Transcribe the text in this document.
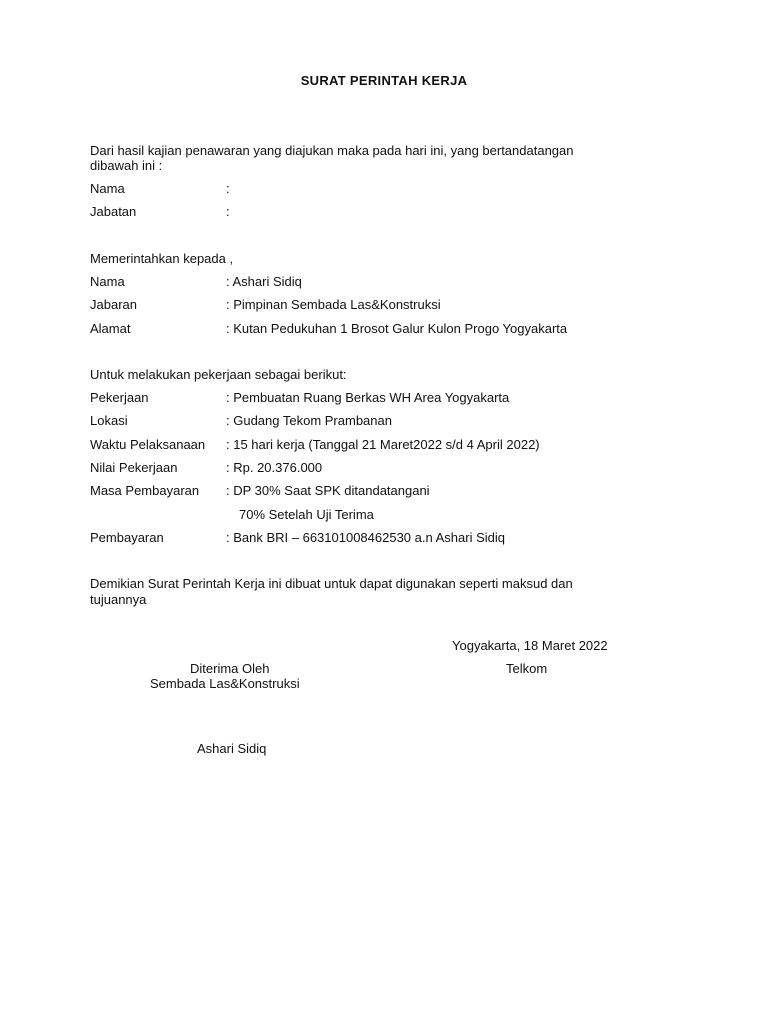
SURAT PERINTAH KERJA
Dari hasil kajian penawaran yang diajukan maka pada hari ini, yang bertandatangan
dibawah ini :
Nama	:
Jabatan	:
Memerintahkan kepada ,
Nama	: Ashari Sidiq
Jabaran	: Pimpinan Sembada Las&Konstruksi
Alamat	: Kutan Pedukuhan 1 Brosot Galur Kulon Progo Yogyakarta
Untuk melakukan pekerjaan sebagai berikut:
Pekerjaan	: Pembuatan Ruang Berkas WH Area Yogyakarta
Lokasi	: Gudang Tekom Prambanan
Waktu Pelaksanaan : 15 hari kerja (Tanggal 21 Maret2022 s/d 4 April 2022)
Nilai Pekerjaan	: Rp. 20.376.000
Masa Pembayaran : DP 30% Saat SPK ditandatangani
70% Setelah Uji Terima
Pembayaran	: Bank BRI – 663101008462530 a.n Ashari Sidiq
Demikian Surat Perintah Kerja ini dibuat untuk dapat digunakan seperti maksud dan
tujuannya
Yogyakarta, 18 Maret 2022
Diterima Oleh	Telkom
Sembada Las&Konstruksi
Ashari Sidiq
